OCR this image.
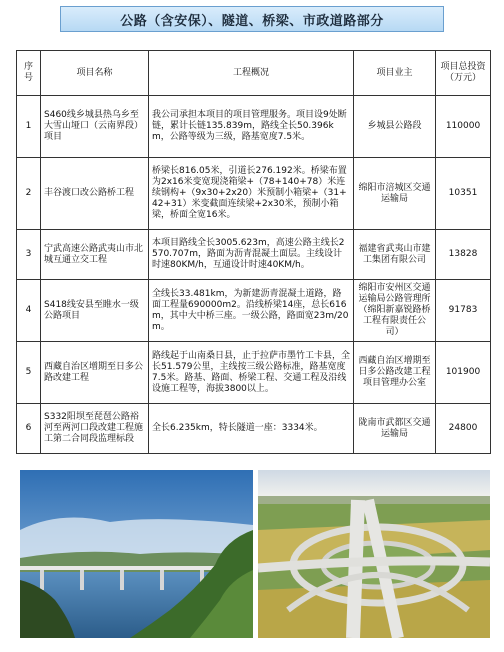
公路（含安保）、隧道、桥梁、市政道路部分
序号	项目名称	工程概况	项目业主	项目总投资（万元）
1	S460线乡城县热乌乡至大雪山垭口（云南界段）项目	我公司承担本项目的项目管理服务。项目设9处断链，累计长链135.839m，路线全长50.396km，公路等级为三级，路基宽度7.5米。	乡城县公路段	110000
2	丰谷渡口改公路桥工程	桥梁长816.05米，引道长276.192米。桥梁布置为2x16米变宽现浇箱梁+（78+140+78）米连续钢构+（9x30+2x20）米预制小箱梁+（31+42+31）米变截面连续梁+2x30米，预制小箱梁，桥面全宽16米。	绵阳市涪城区交通运输局	10351
3	宁武高速公路武夷山市北城互通立交工程	本项目路线全长3005.623m，高速公路主线长2570.707m，路面为沥青混凝土面层。主线设计时速80KM/h，互通设计时速40KM/h。	福建省武夷山市建工集团有限公司	13828
4	S418线安县至睢水一级公路项目	全线长33.481km，为新建沥青混凝土道路，路面工程量690000m2。沿线桥梁14座，总长616m，其中大中桥三座。一级公路，路面宽23m/20m。	绵阳市安州区交通运输局公路管理所（绵阳新嘉锐路桥工程有限责任公司）	91783
5	西藏自治区增期至日多公路改建工程	路线起于山南桑日县，止于拉萨市墨竹工卡县，全长51.579公里，主线按三级公路标准，路基宽度7.5米。路基、路面、桥梁工程、交通工程及沿线设施工程等，海拔3800以上。	西藏自治区增期至日多公路改建工程项目管理办公室	101900
6	S332阳坝至琵琶公路裕河至两河口段改建工程施工第二合同段监理标段	全长6.235km，特长隧道一座：3334米。	陇南市武都区交通运输局	24800
